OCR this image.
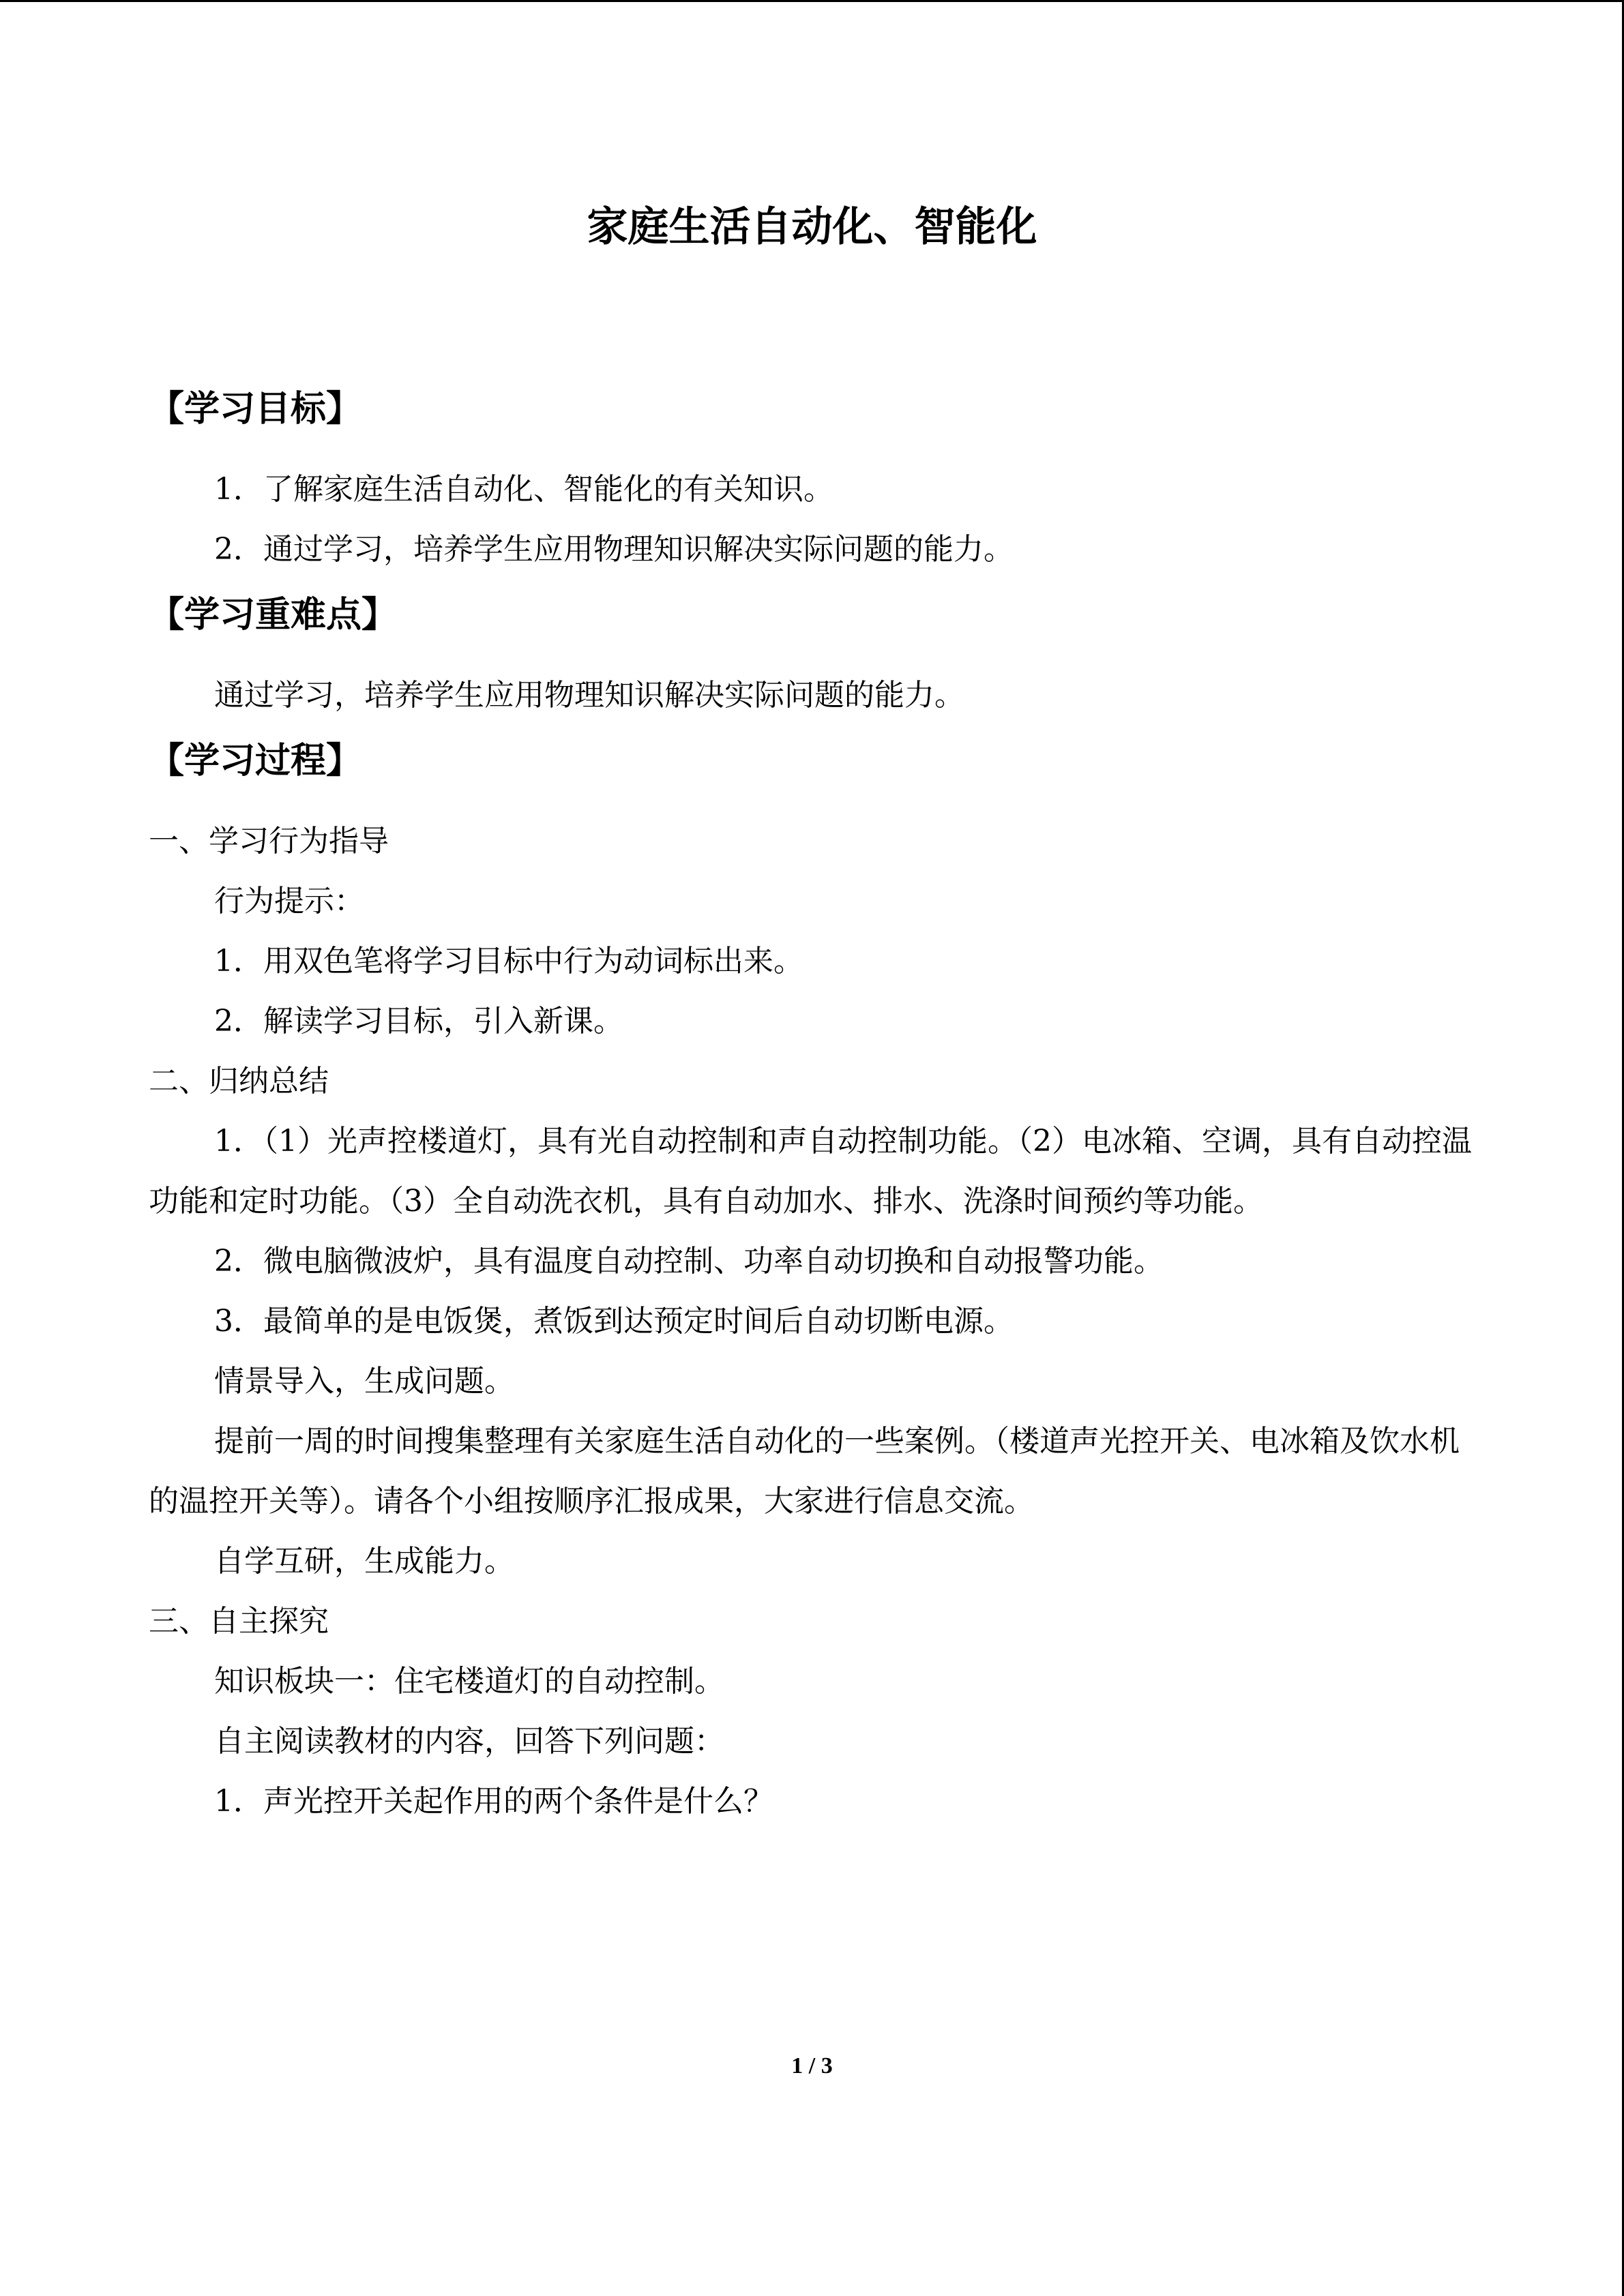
家庭生活自动化、智能化
【学习目标】
1．了解家庭生活自动化、智能化的有关知识。
2．通过学习，培养学生应用物理知识解决实际问题的能力。
【学习重难点】
通过学习，培养学生应用物理知识解决实际问题的能力。
【学习过程】
一、学习行为指导
行为提示：
1．用双色笔将学习目标中行为动词标出来。
2．解读学习目标，引入新课。
二、归纳总结
1．（1）光声控楼道灯，具有光自动控制和声自动控制功能。（2）电冰箱、空调，具有自动控温功能和定时功能。（3）全自动洗衣机，具有自动加水、排水、洗涤时间预约等功能。
2．微电脑微波炉，具有温度自动控制、功率自动切换和自动报警功能。
3．最简单的是电饭煲，煮饭到达预定时间后自动切断电源。
情景导入，生成问题。
提前一周的时间搜集整理有关家庭生活自动化的一些案例。（楼道声光控开关、电冰箱及饮水机的温控开关等）。请各个小组按顺序汇报成果，大家进行信息交流。
自学互研，生成能力。
三、自主探究
知识板块一：住宅楼道灯的自动控制。
自主阅读教材的内容，回答下列问题：
1．声光控开关起作用的两个条件是什么？
1 / 3
